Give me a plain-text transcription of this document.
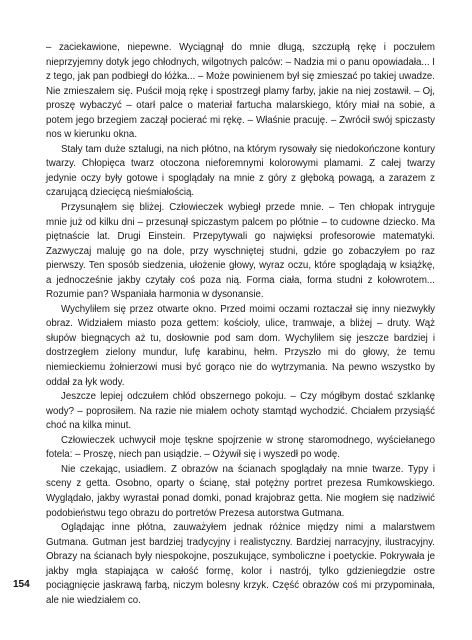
– zaciekawione, niepewne. Wyciągnął do mnie długą, szczupłą rękę i poczułem nieprzyjemny dotyk jego chłodnych, wilgotnych palców: – Nadzia mi o panu opowiadała... I z tego, jak pan podbiegł do łóżka... – Może powinienem był się zmieszać po takiej uwadze. Nie zmieszałem się. Puścił moją rękę i spostrzegł plamy farby, jakie na niej zostawił. – Oj, proszę wybaczyć – otarł palce o materiał fartucha malarskiego, który miał na sobie, a potem jego brzegiem zaczął pocierać mi rękę. – Właśnie pracuję. – Zwrócił swój spiczasty nos w kierunku okna.

Stały tam duże sztalugi, na nich płótno, na którym rysowały się niedokończone kontury twarzy. Chłopięca twarz otoczona nieforemnymi kolorowymi plamami. Z całej twarzy jedynie oczy były gotowe i spoglądały na mnie z góry z głęboką powagą, a zarazem z czarującą dziecięcą nieśmiałością.

Przysunąłem się bliżej. Człowieczek wybiegł przede mnie. – Ten chłopak intryguje mnie już od kilku dni – przesunął spiczastym palcem po płótnie – to cudowne dziecko. Ma piętnaście lat. Drugi Einstein. Przepytywali go najwięksi profesorowie matematyki. Zazwyczaj maluję go na dole, przy wyschniętej studni, gdzie go zobaczyłem po raz pierwszy. Ten sposób siedzenia, ułożenie głowy, wyraz oczu, które spoglądają w książkę, a jednocześnie jakby czytały coś poza nią. Forma ciała, forma studni z kołowrotem... Rozumie pan? Wspaniała harmonia w dysonansie.

Wychyliłem się przez otwarte okno. Przed moimi oczami roztaczał się inny niezwykły obraz. Widziałem miasto poza gettem: kościoły, ulice, tramwaje, a bliżej – druty. Wąż słupów biegnących aż tu, dosłownie pod sam dom. Wychyliłem się jeszcze bardziej i dostrzegłem zielony mundur, lufę karabinu, hełm. Przyszło mi do głowy, że temu niemieckiemu żołnierzowi musi być gorąco nie do wytrzymania. Na pewno wszystko by oddał za łyk wody.

Jeszcze lepiej odczułem chłód obszernego pokoju. – Czy mógłbym dostać szklankę wody? – poprosiłem. Na razie nie miałem ochoty stamtąd wychodzić. Chciałem przysiąść choć na kilka minut.

Człowieczek uchwycił moje tęskne spojrzenie w stronę staromodnego, wyściełanego fotela: – Proszę, niech pan usiądzie. – Ożywił się i wyszedł po wodę.

Nie czekając, usiadłem. Z obrazów na ścianach spoglądały na mnie twarze. Typy i sceny z getta. Osobno, oparty o ścianę, stał potężny portret prezesa Rumkowskiego. Wyglądało, jakby wyrastał ponad domki, ponad krajobraz getta. Nie mogłem się nadziwić podobieństwu tego obrazu do portretów Prezesa autorstwa Gutmana.

Oglądając inne płótna, zauważyłem jednak różnice między nimi a malarstwem Gutmana. Gutman jest bardziej tradycyjny i realistyczny. Bardziej narracyjny, ilustracyjny. Obrazy na ścianach były niespokojne, poszukujące, symboliczne i poetyckie. Pokrywała je jakby mgła stapiająca w całość formę, kolor i nastrój, tylko gdzieniegdzie ostre pociągnięcie jaskrawą farbą, niczym bolesny krzyk. Część obrazów coś mi przypominała, ale nie wiedziałem co.

154
